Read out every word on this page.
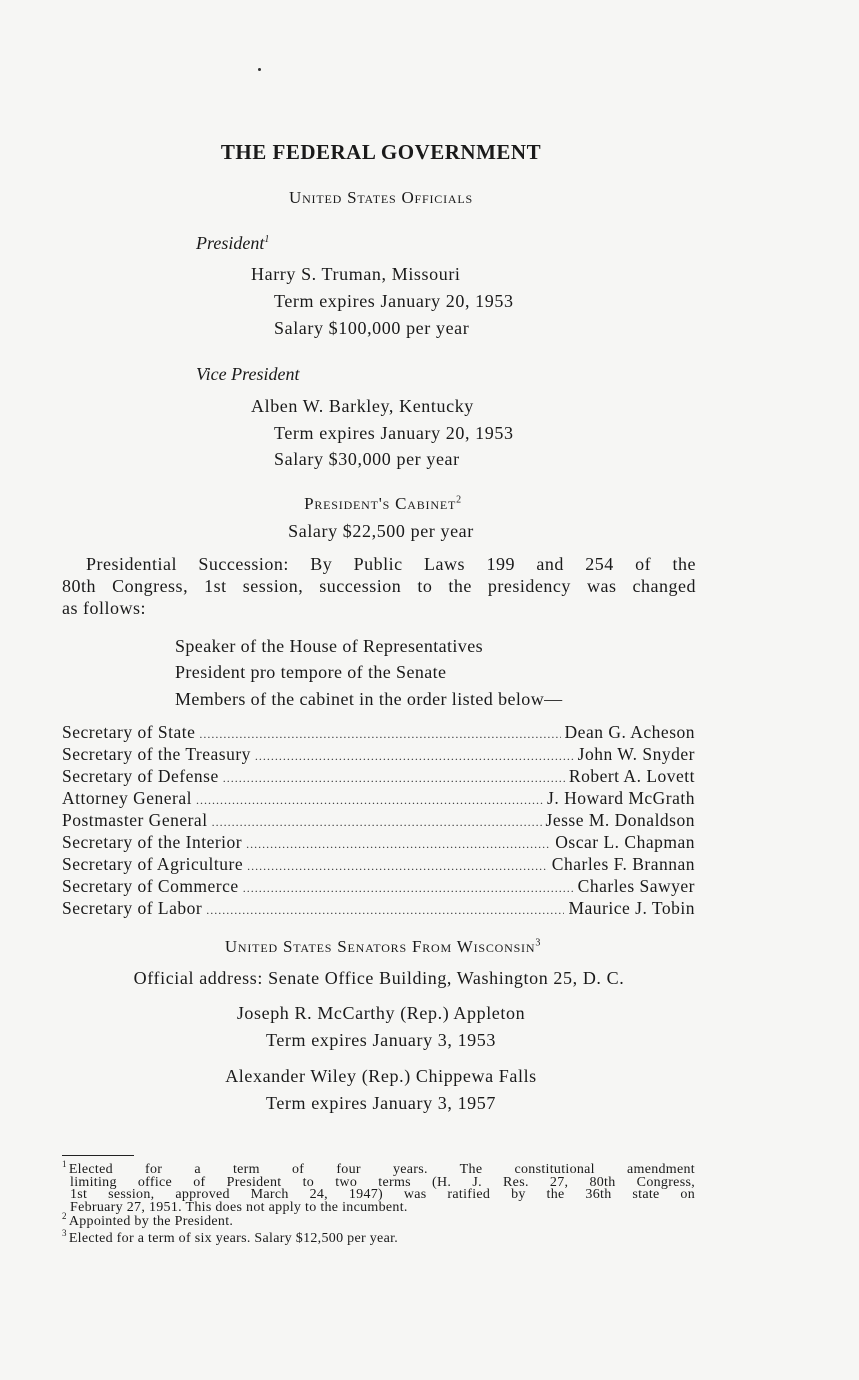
THE FEDERAL GOVERNMENT
United States Officials
President$^1$
Harry S. Truman, Missouri
Term expires January 20, 1953
Salary $100,000 per year
Vice President
Alben W. Barkley, Kentucky
Term expires January 20, 1953
Salary $30,000 per year
President's Cabinet$^2$
Salary $22,500 per year
Presidential Succession: By Public Laws 199 and 254 of the
80th Congress, 1st session, succession to the presidency was changed
as follows:
Speaker of the House of Representatives
President pro tempore of the Senate
Members of the cabinet in the order listed below—
Secretary of State .....	Dean G. Acheson
Secretary of the Treasury .....	John W. Snyder
Secretary of Defense .....	Robert A. Lovett
Attorney General .....	J. Howard McGrath
Postmaster General .....	Jesse M. Donaldson
Secretary of the Interior .....	Oscar L. Chapman
Secretary of Agriculture .....	Charles F. Brannan
Secretary of Commerce .....	Charles Sawyer
Secretary of Labor .....	Maurice J. Tobin
United States Senators From Wisconsin$^3$
Official address: Senate Office Building, Washington 25, D. C.
Joseph R. McCarthy (Rep.) Appleton
Term expires January 3, 1953
Alexander Wiley (Rep.) Chippewa Falls
Term expires January 3, 1957

$^1$ Elected for a term of four years. The constitutional amendment

limiting office of President to two terms (H. J. Res. 27, 80th Congress,

1st session, approved March 24, 1947) was ratified by the 36th state on

February 27, 1951. This does not apply to the incumbent.

$^2$ Appointed by the President.

$^3$ Elected for a term of six years. Salary $12,500 per year.
